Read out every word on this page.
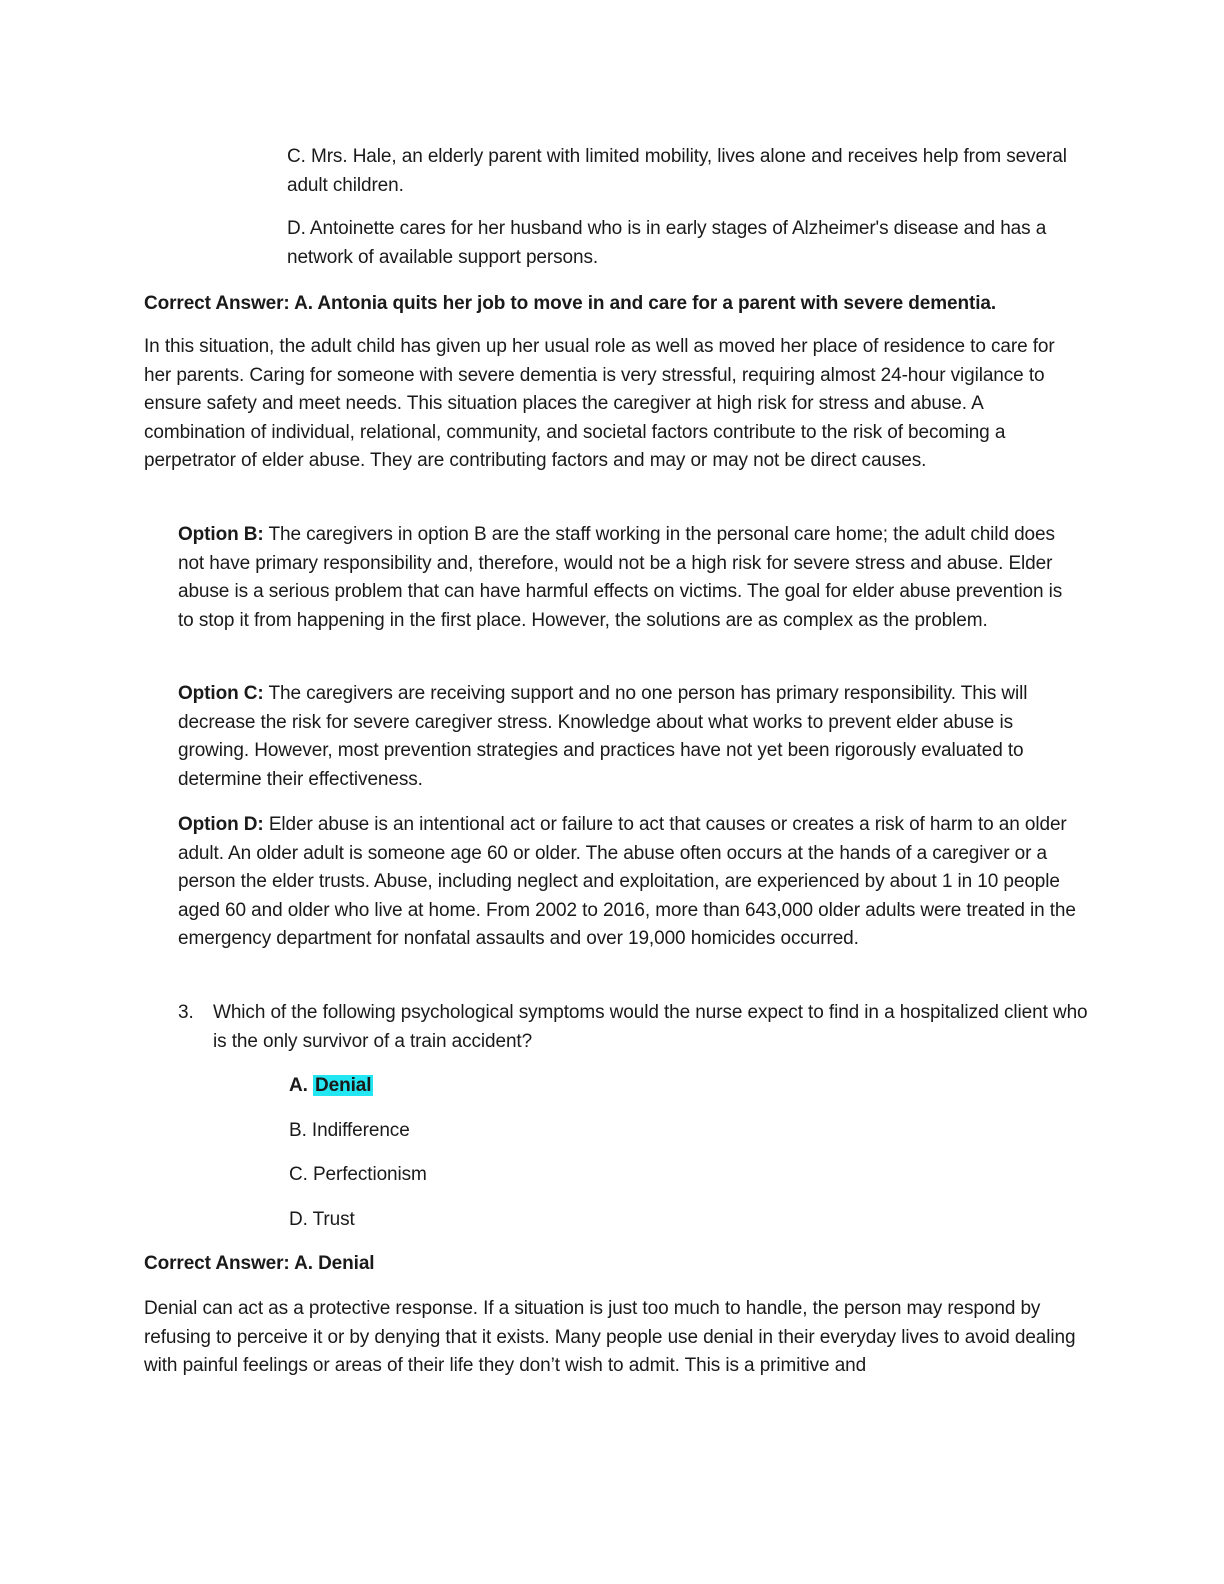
C. Mrs. Hale, an elderly parent with limited mobility, lives alone and receives help from several adult children.

D. Antoinette cares for her husband who is in early stages of Alzheimer's disease and has a network of available support persons.

Correct Answer: A. Antonia quits her job to move in and care for a parent with severe dementia.

In this situation, the adult child has given up her usual role as well as moved her place of residence to care for her parents. Caring for someone with severe dementia is very stressful, requiring almost 24-hour vigilance to ensure safety and meet needs. This situation places the caregiver at high risk for stress and abuse. A combination of individual, relational, community, and societal factors contribute to the risk of becoming a perpetrator of elder abuse. They are contributing factors and may or may not be direct causes.

Option B: The caregivers in option B are the staff working in the personal care home; the adult child does not have primary responsibility and, therefore, would not be a high risk for severe stress and abuse. Elder abuse is a serious problem that can have harmful effects on victims. The goal for elder abuse prevention is to stop it from happening in the first place. However, the solutions are as complex as the problem.

Option C: The caregivers are receiving support and no one person has primary responsibility. This will decrease the risk for severe caregiver stress. Knowledge about what works to prevent elder abuse is growing. However, most prevention strategies and practices have not yet been rigorously evaluated to determine their effectiveness.

Option D: Elder abuse is an intentional act or failure to act that causes or creates a risk of harm to an older adult. An older adult is someone age 60 or older. The abuse often occurs at the hands of a caregiver or a person the elder trusts. Abuse, including neglect and exploitation, are experienced by about 1 in 10 people aged 60 and older who live at home. From 2002 to 2016, more than 643,000 older adults were treated in the emergency department for nonfatal assaults and over 19,000 homicides occurred.

3. Which of the following psychological symptoms would the nurse expect to find in a hospitalized client who is the only survivor of a train accident?

A. Denial

B. Indifference

C. Perfectionism

D. Trust

Correct Answer: A. Denial

Denial can act as a protective response. If a situation is just too much to handle, the person may respond by refusing to perceive it or by denying that it exists. Many people use denial in their everyday lives to avoid dealing with painful feelings or areas of their life they don’t wish to admit. This is a primitive and
